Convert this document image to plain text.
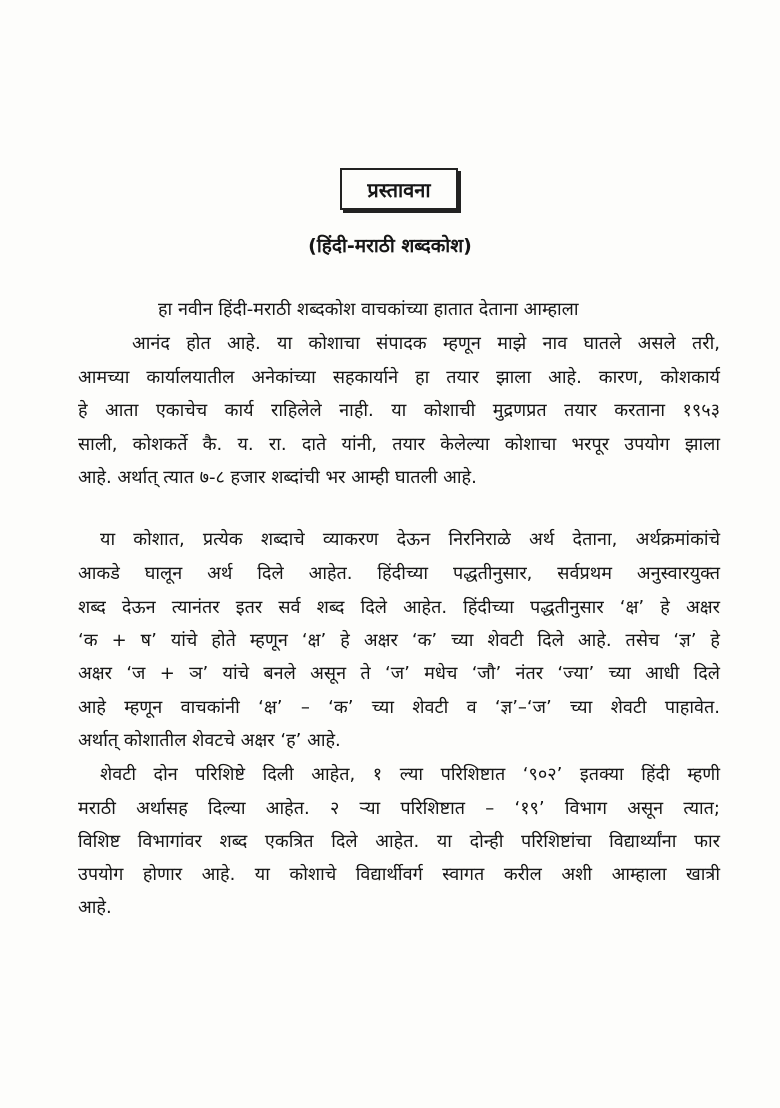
प्रस्तावना
(हिंदी-मराठी शब्दकोश)
हा नवीन हिंदी-मराठी शब्दकोश वाचकांच्या हातात देताना आम्हाला
आनंद होत आहे. या कोशाचा संपादक म्हणून माझे नाव घातले असले तरी,
आमच्या कार्यालयातील अनेकांच्या सहकार्याने हा तयार झाला आहे. कारण, कोशकार्य
हे आता एकाचेच कार्य राहिलेले नाही. या कोशाची मुद्रणप्रत तयार करताना १९५३
साली, कोशकर्ते कै. य. रा. दाते यांनी, तयार केलेल्या कोशाचा भरपूर उपयोग झाला
आहे. अर्थात् त्यात ७-८ हजार शब्दांची भर आम्ही घातली आहे.
या कोशात, प्रत्येक शब्दाचे व्याकरण देऊन निरनिराळे अर्थ देताना, अर्थक्रमांकांचे
आकडे घालून अर्थ दिले आहेत. हिंदीच्या पद्धतीनुसार, सर्वप्रथम अनुस्वारयुक्त
शब्द देऊन त्यानंतर इतर सर्व शब्द दिले आहेत. हिंदीच्या पद्धतीनुसार ‘क्ष’ हे अक्षर
‘क + ष’ यांचे होते म्हणून ‘क्ष’ हे अक्षर ‘क’ च्या शेवटी दिले आहे. तसेच ‘ज्ञ’ हे
अक्षर ‘ज + ञ’ यांचे बनले असून ते ‘ज’ मधेच ‘जौ’ नंतर ‘ज्या’ च्या आधी दिले
आहे म्हणून वाचकांनी ‘क्ष’ – ‘क’ च्या शेवटी व ‘ज्ञ’–‘ज’ च्या शेवटी पाहावेत.
अर्थात् कोशातील शेवटचे अक्षर ‘ह’ आहे.
शेवटी दोन परिशिष्टे दिली आहेत, १ ल्या परिशिष्टात ‘९०२’ इतक्या हिंदी म्हणी
मराठी अर्थासह दिल्या आहेत. २ ऱ्या परिशिष्टात – ‘१९’ विभाग असून त्यात;
विशिष्ट विभागांवर शब्द एकत्रित दिले आहेत. या दोन्ही परिशिष्टांचा विद्यार्थ्यांना फार
उपयोग होणार आहे. या कोशाचे विद्यार्थीवर्ग स्वागत करील अशी आम्हाला खात्री
आहे.
